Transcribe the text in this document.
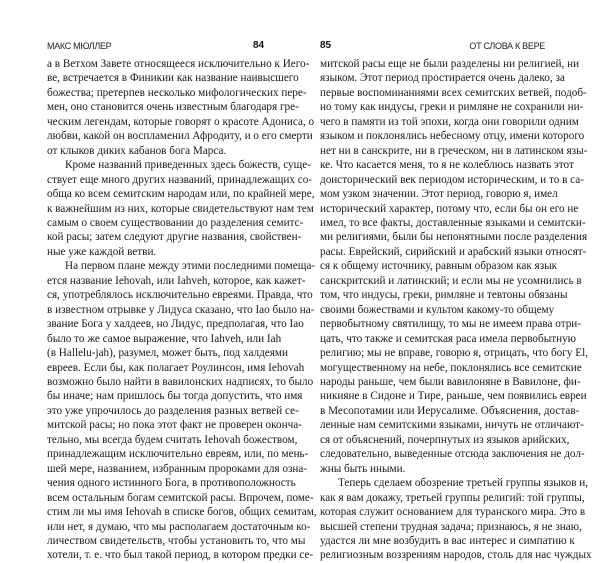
МАКС МЮЛЛЕР	84
а в Ветхом Завете относящееся исключительно к Иего-
ве, встречается в Финикии как название наивысшего
божества; претерпев несколько мифологических пере-
мен, оно становится очень известным благодаря гре-
ческим легендам, которые говорят о красоте Адониса, о
любви, какой он воспламенил Афродиту, и о его смерти
от клыков диких кабанов бога Марса.
Кроме названий приведенных здесь божеств, суще-
ствует еще много других названий, принадлежащих со-
обща ко всем семитским народам или, по крайней мере,
к важнейшим из них, которые свидетельствуют нам тем
самым о своем существовании до разделения семитс-
кой расы; затем следуют другие названия, свойствен-
ные уже каждой ветви.
На первом плане между этими последними помеща-
ется название Iehovah, или Iahveh, которое, как кажет-
ся, употреблялось исключительно евреями. Правда, что
в известном отрывке у Лидуса сказано, что Iao было на-
звание Бога у халдеев, но Лидус, предполагая, что Iao
было то же самое выражение, что Iahveh, или Iah
(в Hallelu-jah), разумел, может быть, под халдеями
евреев. Если бы, как полагает Роулинсон, имя Iehovah
возможно было найти в вавилонских надписях, то было
бы иначе; нам пришлось бы тогда допустить, что имя
это уже упрочилось до разделения разных ветвей се-
митской расы; но пока этот факт не проверен оконча-
тельно, мы всегда будем считать Iehovah божеством,
принадлежащим исключительно евреям, или, по мень-
шей мере, названием, избранным пророками для озна-
чения одного истинного Бога, в противоположность
всем остальным богам семитской расы. Впрочем, поме-
стим ли мы имя Iehovah в списке богов, общих семитам,
или нет, я думаю, что мы располагаем достаточным ко-
личеством свидетельств, чтобы установить то, что мы
хотели, т. е. что был такой период, в котором предки се-
85	ОТ СЛОВА К ВЕРЕ
митской расы еще не были разделены ни религией, ни
языком. Этот период простирается очень далеко, за
первые воспоминаниями всех семитских ветвей, подоб-
но тому как индусы, греки и римляне не сохранили ни-
чего в памяти из той эпохи, когда они говорили одним
языком и поклонялись небесному отцу, имени которого
нет ни в санскрите, ни в греческом, ни в латинском язы-
ке. Что касается меня, то я не колеблюсь назвать этот
доисторический век периодом историческим, и то в са-
мом узком значении. Этот период, говорю я, имел
исторический характер, потому что, если бы он его не
имел, то все факты, доставленные языками и семитски-
ми религиями, были бы непонятными после разделения
расы. Еврейский, сирийский и арабский языки относят-
ся к общему источнику, равным образом как язык
санскритский и латинский; и если мы не усомнились в
том, что индусы, греки, римляне и тевтоны обязаны
своими божествами и культом какому-то общему
первобытному святилищу, то мы не имеем права отри-
цать, что также и семитская раса имела первобытную
религию; мы не вправе, говорю я, отрицать, что богу El,
могущественному на небе, поклонялись все семитские
народы раньше, чем были вавилоняне в Вавилоне, фи-
никияне в Сидоне и Тире, раньше, чем появились евреи
в Месопотамии или Иерусалиме. Объяснения, достав-
ленные нам семитскими языками, ничуть не отличают-
ся от объяснений, почерпнутых из языков арийских,
следовательно, выведенные отсюда заключения не дол-
жны быть иными.
Теперь сделаем обозрение третьей группы языков и,
как я вам докажу, третьей группы религий: той группы,
которая служит основанием для туранского мира. Это в
высшей степени трудная задача; признаюсь, я не знаю,
удастся ли мне возбудить в вас интерес и симпатию к
религиозным воззрениям народов, столь для нас чуждых
